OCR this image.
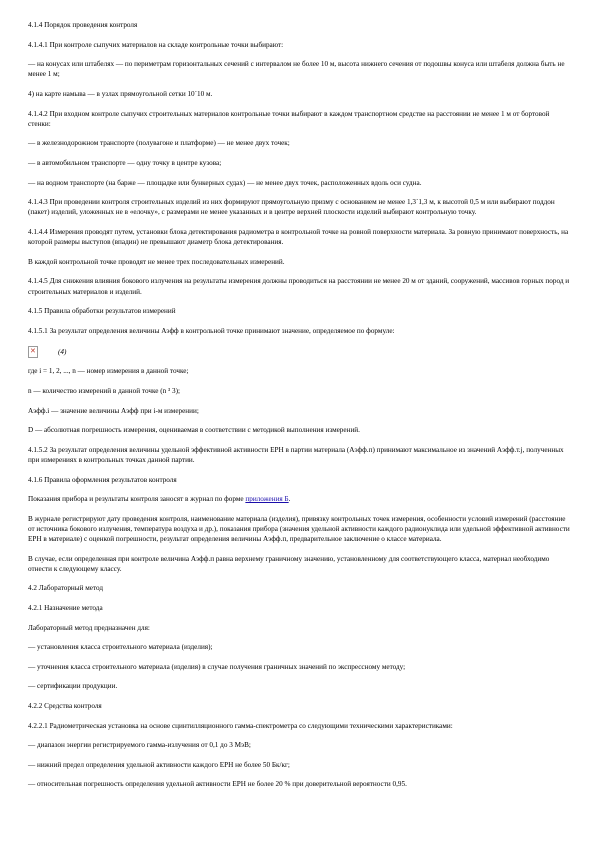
4.1.4 Порядок проведения контроля

4.1.4.1 При контроле сыпучих материалов на складе контрольные точки выбирают:

— на конусах или штабелях — по периметрам горизонтальных сечений с интервалом не более 10 м, высота нижнего сечения от подошвы конуса или штабеля должна быть не менее 1 м;

4) на карте намыва — в узлах прямоугольной сетки 10´10 м.

4.1.4.2 При входном контроле сыпучих строительных материалов контрольные точки выбирают в каждом транспортном средстве на расстоянии не менее 1 м от бортовой стенки:

— в железнодорожном транспорте (полувагоне и платформе) — не менее двух точек;

— в автомобильном транспорте — одну точку в центре кузова;

— на водном транспорте (на барже — площадке или бункерных судах) — не менее двух точек, расположенных вдоль оси судна.

4.1.4.3 При проведении контроля строительных изделий из них формируют прямоугольную призму с основанием не менее 1,3´1,3 м, к высотой 0,5 м или выбирают поддон (пакет) изделий, уложенных не в «елочку», с размерами не менее указанных и в центре верхней плоскости изделий выбирают контрольную точку.

4.1.4.4 Измерения проводят путем, установки блока детектирования радиометра в контрольной точке на ровной поверхности материала. За ровную принимают поверхность, на которой размеры выступов (впадин) не превышают диаметр блока детектирования.

В каждой контрольной точке проводят не менее трех последовательных измерений.

4.1.4.5 Для снижения влияния бокового излучения на результаты измерения должны проводиться на расстоянии не менее 20 м от зданий, сооружений, массивов горных пород и строительных материалов и изделий.

4.1.5 Правила обработки результатов измерений

4.1.5.1 За результат определения величины Аэфф в контрольной точке принимают значение, определяемое по формуле:

✕
(4)

где i = 1, 2, ..., n — номер измерения в данной точке;

n — количество измерений в данной точке (n ³ 3);

Аэфф.i — значение величины Аэфф при i-м измерении;

D — абсолютная погрешность измерения, оцениваемая в соответствии с методикой выполнения измерений.

4.1.5.2 За результат определения величины удельной эффективной активности ЕРН в партии материала (Аэфф.п) принимают максимальное из значений Аэфф.т.j, полученных при измерениях в контрольных точках данной партии.

4.1.6 Правила оформления результатов контроля

Показания прибора и результаты контроля заносят в журнал по форме приложения Б.

В журнале регистрируют дату проведения контроля, наименование материала (изделия), привязку контрольных точек измерения, особенности условий измерений (расстояние от источника бокового излучения, температура воздуха и др.), показания прибора (значения удельной активности каждого радионуклида или удельной эффективной активности ЕРН в материале) с оценкой погрешности, результат определения величины Аэфф.п, предварительное заключение о классе материала.

В случае, если определенная при контроле величина Аэфф.п равна верхнему граничному значению, установленному для соответствующего класса, материал необходимо отнести к следующему классу.

4.2 Лабораторный метод

4.2.1 Назначение метода

Лабораторный метод предназначен для:

— установления класса строительного материала (изделия);

— уточнения класса строительного материала (изделия) в случае получения граничных значений по экспрессному методу;

— сертификации продукции.

4.2.2 Средства контроля

4.2.2.1 Радиометрическая установка на основе сцинтилляционного гамма-спектрометра со следующими техническими характеристиками:

— диапазон энергии регистрируемого гамма-излучения от 0,1 до 3 МэВ;

— нижний предел определения удельной активности каждого ЕРН не более 50 Бк/кг;

— относительная погрешность определения удельной активности ЕРН не более 20 % при доверительной вероятности 0,95.
